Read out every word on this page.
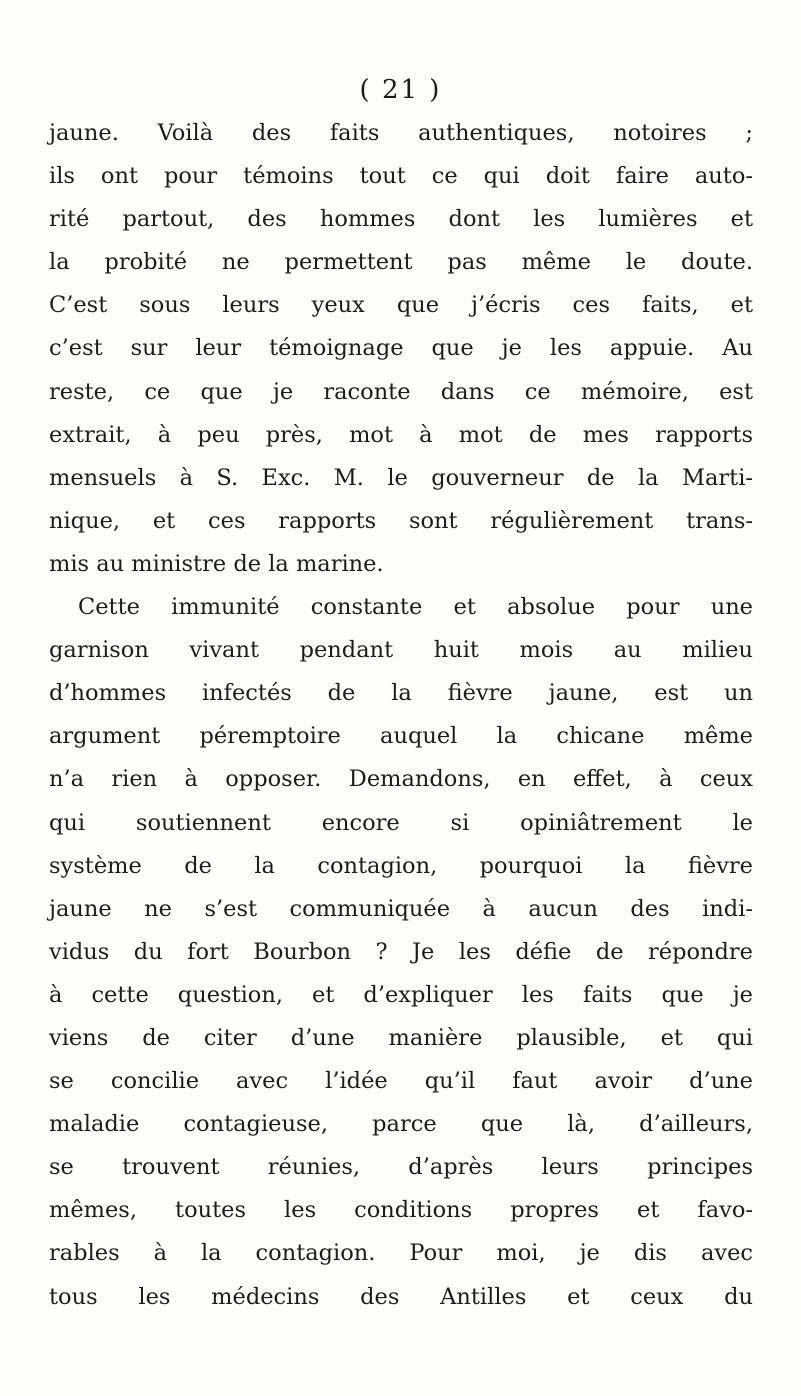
( 21 )
jaune. Voilà des faits authentiques, notoires ;
ils ont pour témoins tout ce qui doit faire auto-
rité partout, des hommes dont les lumières et
la probité ne permettent pas même le doute.
C’est sous leurs yeux que j’écris ces faits, et
c’est sur leur témoignage que je les appuie. Au
reste, ce que je raconte dans ce mémoire, est
extrait, à peu près, mot à mot de mes rapports
mensuels à S. Exc. M. le gouverneur de la Marti-
nique, et ces rapports sont régulièrement trans-
mis au ministre de la marine.
Cette immunité constante et absolue pour une
garnison vivant pendant huit mois au milieu
d’hommes infectés de la fièvre jaune, est un
argument péremptoire auquel la chicane même
n’a rien à opposer. Demandons, en effet, à ceux
qui soutiennent encore si opiniâtrement le
système de la contagion, pourquoi la fièvre
jaune ne s’est communiquée à aucun des indi-
vidus du fort Bourbon ? Je les défie de répondre
à cette question, et d’expliquer les faits que je
viens de citer d’une manière plausible, et qui
se concilie avec l’idée qu’il faut avoir d’une
maladie contagieuse, parce que là, d’ailleurs,
se trouvent réunies, d’après leurs principes
mêmes, toutes les conditions propres et favo-
rables à la contagion. Pour moi, je dis avec
tous les médecins des Antilles et ceux du
